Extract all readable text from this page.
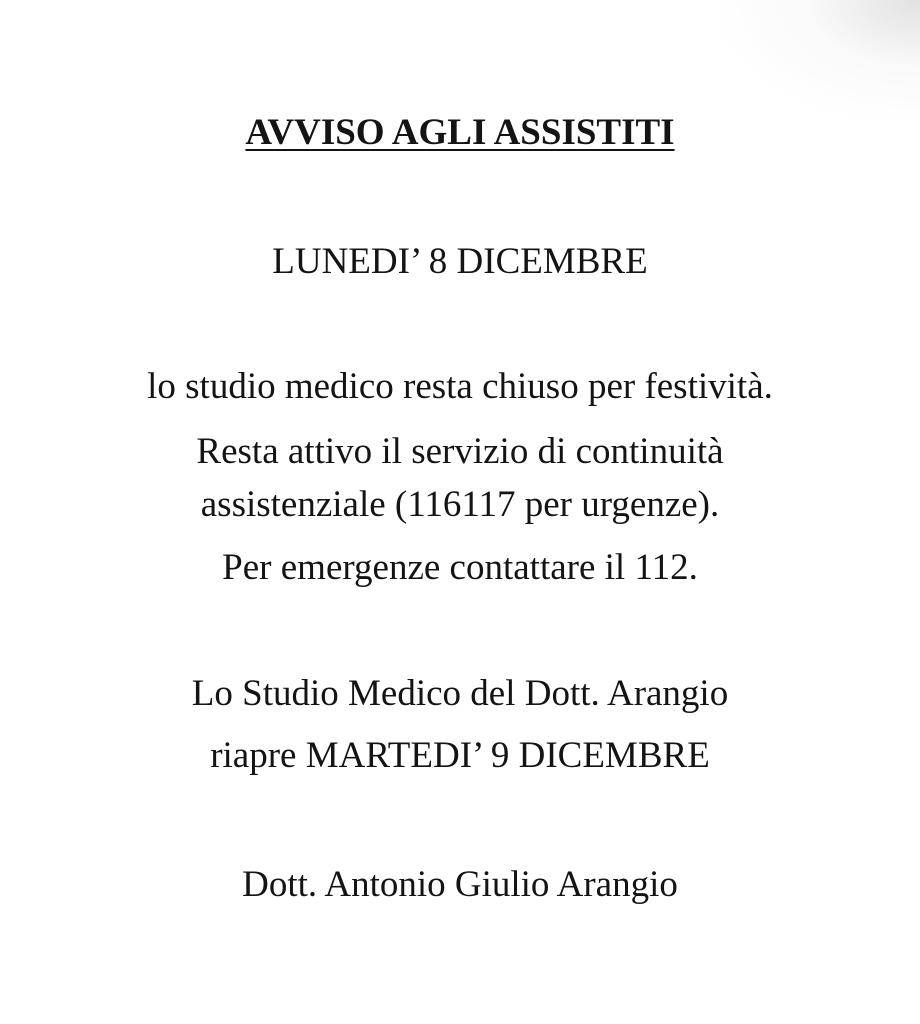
AVVISO AGLI ASSISTITI
LUNEDI’ 8 DICEMBRE
lo studio medico resta chiuso per festività.
Resta attivo il servizio di continuità
assistenziale (116117 per urgenze).
Per emergenze contattare il 112.
Lo Studio Medico del Dott. Arangio
riapre MARTEDI’ 9 DICEMBRE
Dott. Antonio Giulio Arangio
